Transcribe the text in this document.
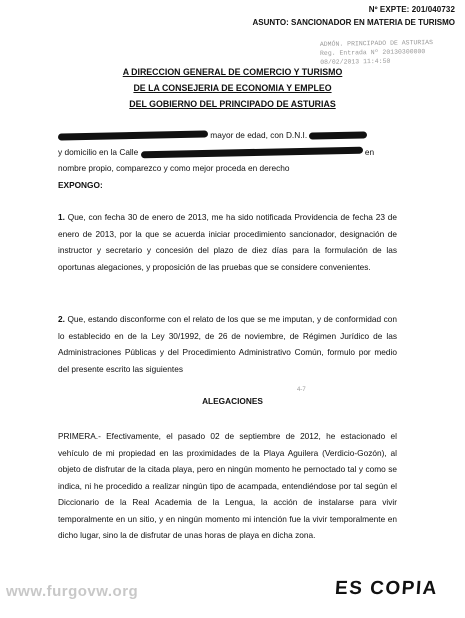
Nº EXPTE: 201/040732
ASUNTO: SANCIONADOR EN MATERIA DE TURISMO
ADMÓN. PRINCIPADO DE ASTURIAS
Reg. Entrada Nº 20130300000
08/02/2013 11:4:50
A DIRECCION GENERAL DE COMERCIO Y TURISMO
DE LA CONSEJERIA DE ECONOMIA Y EMPLEO
DEL GOBIERNO DEL PRINCIPADO DE ASTURIAS
mayor de edad, con D.N.I.
y domicilio en la Calle	en
nombre propio, comparezco y como mejor proceda en derecho
EXPONGO:
1. Que, con fecha 30 de enero de 2013, me ha sido notificada Providencia de fecha 23 de enero de 2013, por la que se acuerda iniciar procedimiento sancionador, designación de instructor y secretario y concesión del plazo de diez días para la formulación de las oportunas alegaciones, y proposición de las pruebas que se considere convenientes.
2. Que, estando disconforme con el relato de los que se me imputan, y de conformidad con lo establecido en de la Ley 30/1992, de 26 de noviembre, de Régimen Jurídico de las Administraciones Públicas y del Procedimiento Administrativo Común, formulo por medio del presente escrito las siguientes
4-7
ALEGACIONES
PRIMERA.- Efectivamente, el pasado 02 de septiembre de 2012, he estacionado el vehículo de mi propiedad en las proximidades de la Playa Aguilera (Verdicio-Gozón), al objeto de disfrutar de la citada playa, pero en ningún momento he pernoctado tal y como se indica, ni he procedido a realizar ningún tipo de acampada, entendiéndose por tal según el Diccionario de la Real Academia de la Lengua, la acción de instalarse para vivir temporalmente en un sitio, y en ningún momento mi intención fue la vivir temporalmente en dicho lugar, sino la de disfrutar de unas horas de playa en dicha zona.
www.furgovw.org	ES COPIA
